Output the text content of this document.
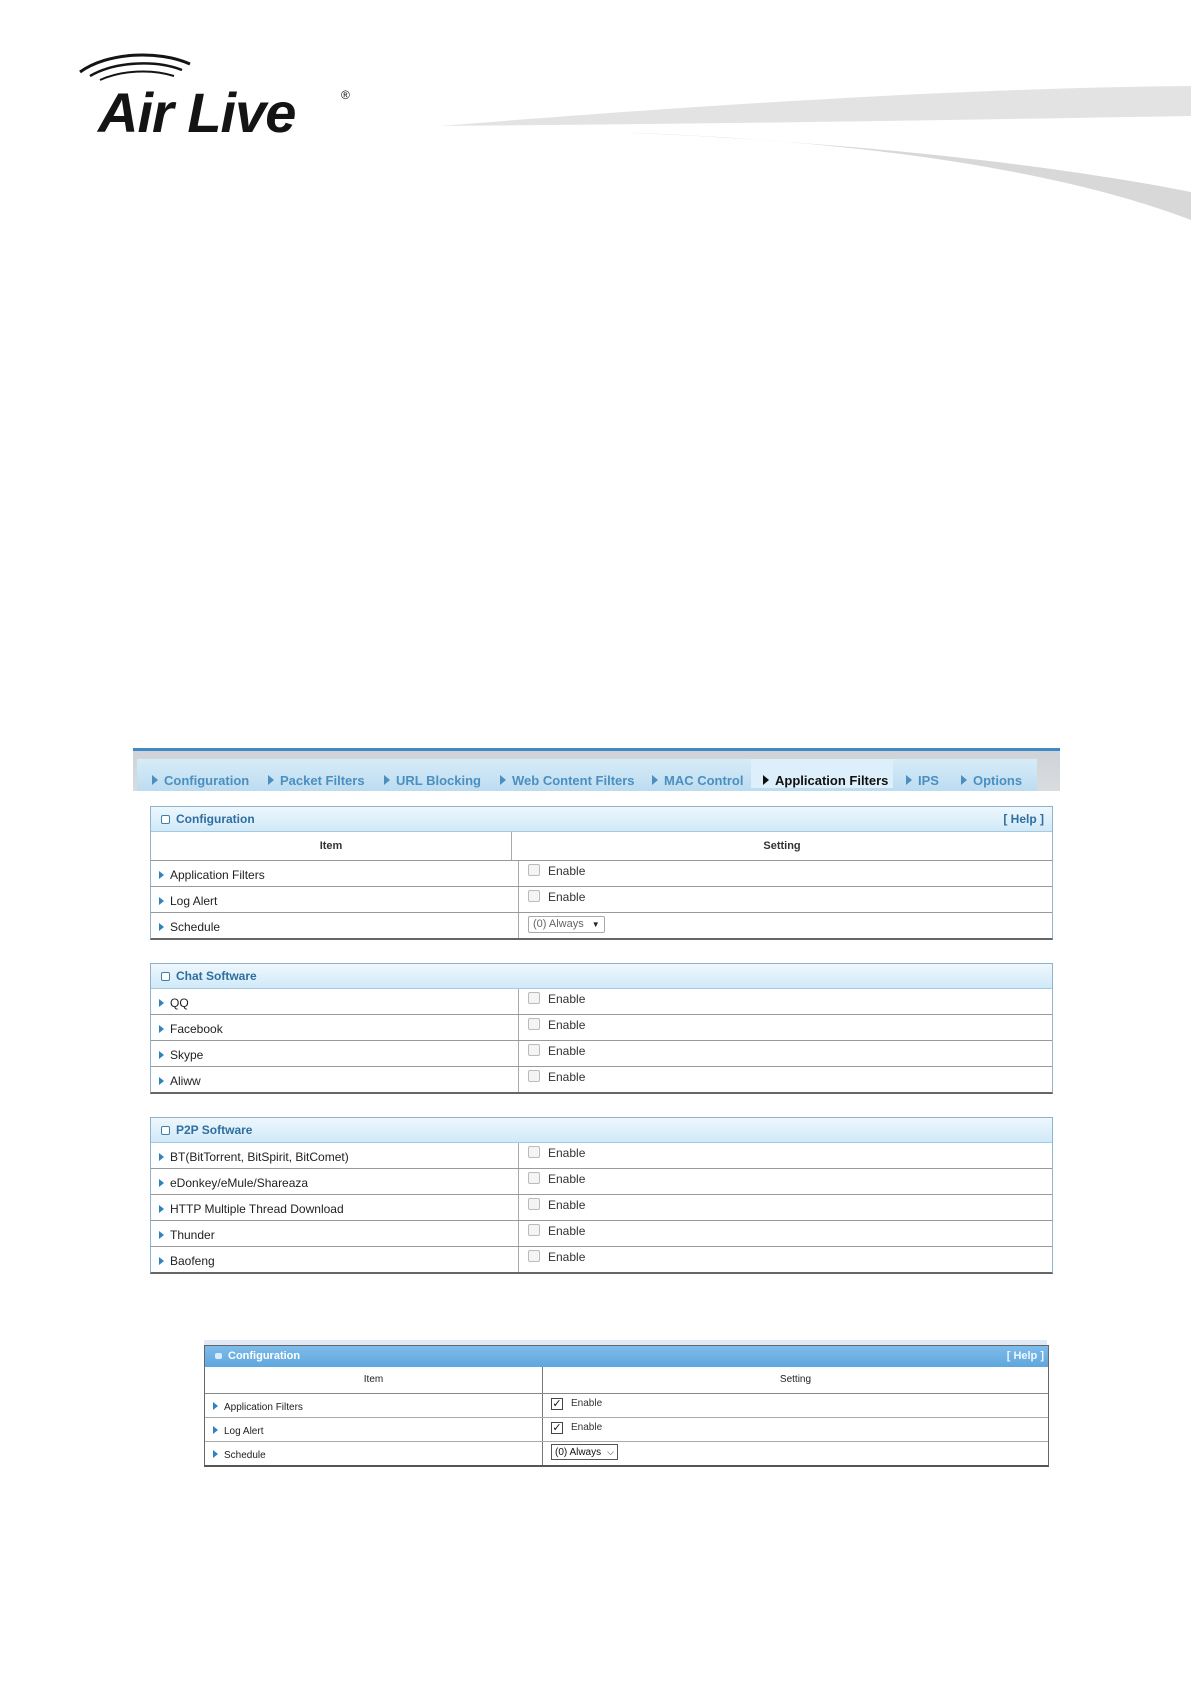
Air Live	®
Configuration	Packet Filters	URL Blocking	Web Content Filters	MAC Control	Application Filters	IPS	Options
Configuration	[ Help ]
Item	Setting
Application Filters	Enable
Log Alert	Enable
Schedule	(0) Always ▼
Chat Software
QQ	Enable
Facebook	Enable
Skype	Enable
Aliww	Enable
P2P Software
BT(BitTorrent, BitSpirit, BitComet)	Enable
eDonkey/eMule/Shareaza	Enable
HTTP Multiple Thread Download	Enable
Thunder	Enable
Baofeng	Enable
Configuration	[ Help ]
Item	Setting
Application Filters	✓ Enable
Log Alert	✓ Enable
Schedule	(0) Always ⌵
